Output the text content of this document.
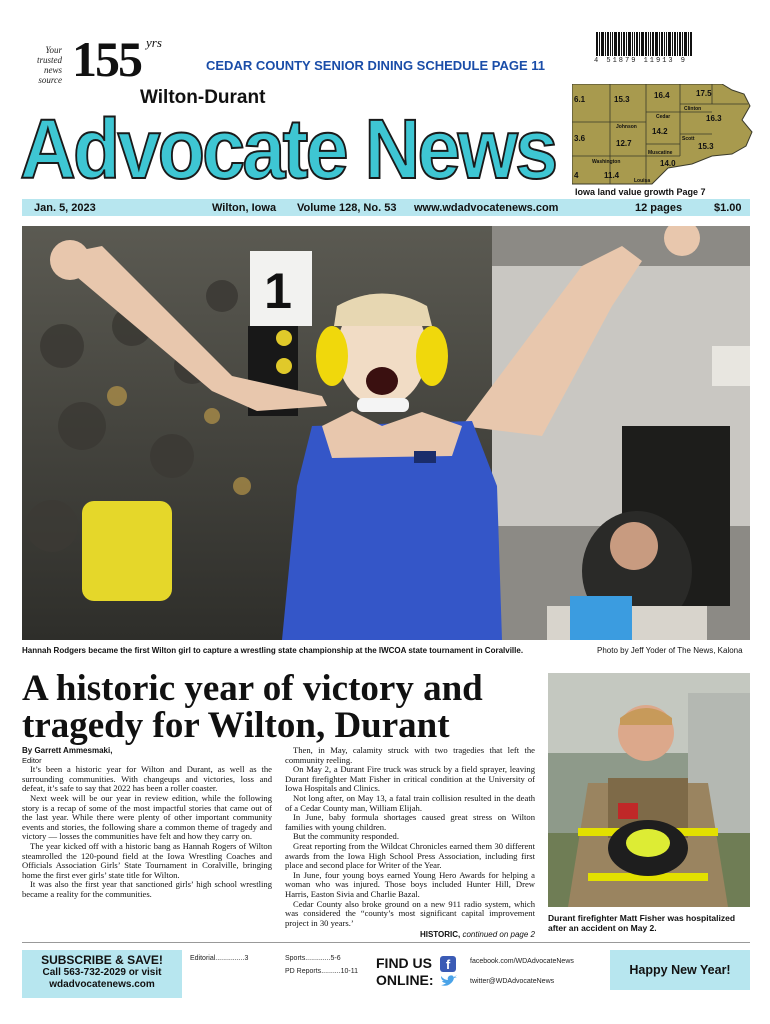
Your trusted news source 155 yrs
CEDAR COUNTY SENIOR DINING SCHEDULE PAGE 11	4 51879 11913 9
Wilton-Durant
Advocate News
6.1	15.3	16.4	17.5
Clinton
Cedar	16.3
Johnson 14.2
3.6
12.7	Scott
15.3
Muscatine
14.0
Washington
11.4
4
Louisa
Iowa land value growth Page 7
Jan. 5, 2023	Wilton, Iowa Volume 128, No. 53 www.wdadvocatenews.com	12 pages	$1.00
1
Hannah Rodgers became the first Wilton girl to capture a wrestling state championship at the IWCOA state tournament in Coralville.	Photo by Jeff Yoder of The News, Kalona
A historic year of victory and tragedy for Wilton, Durant
By Garrett Ammesmaki,
Editor

It’s been a historic year for Wilton and Durant, as well as the surrounding communities. With changeups and victories, loss and defeat, it’s safe to say that 2022 has been a roller coaster.

Next week will be our year in review edition, while the following story is a recap of some of the most impactful stories that came out of the last year. While there were plenty of other important community events and stories, the following share a common theme of tragedy and victory — losses the communities have felt and how they carry on.

The year kicked off with a historic bang as Hannah Rogers of Wilton steamrolled the 120-pound field at the Iowa Wrestling Coaches and Officials Association Girls’ State Tournament in Coralville, bringing home the first ever girls’ state title for Wilton.

It was also the first year that sanctioned girls’ high school wrestling became a reality for the communities.

Then, in May, calamity struck with two tragedies that left the community reeling.

On May 2, a Durant Fire truck was struck by a field sprayer, leaving Durant firefighter Matt Fisher in critical condition at the University of Iowa Hospitals and Clinics.

Not long after, on May 13, a fatal train collision resulted in the death of a Cedar County man, William Elijah.

In June, baby formula shortages caused great stress on Wilton families with young children.

But the community responded.

Great reporting from the Wildcat Chronicles earned them 30 different awards from the Iowa High School Press Association, including first place and second place for Writer of the Year.

In June, four young boys earned Young Hero Awards for helping a woman who was injured. Those boys included Hunter Hill, Drew Harris, Easton Sivia and Charlie Bazal.

Cedar County also broke ground on a new 911 radio system, which was considered the “county’s most significant capital improvement project in 30 years.’

HISTORIC, continued on page 2
Durant firefighter Matt Fisher was hospitalized after an accident on May 2.
SUBSCRIBE & SAVE!
Call 563-732-2029 or visit
wdadvocatenews.com
Editorial...............3	Sports.............5-6
PD Reports..........10-11
FIND US
ONLINE:
f	facebook.com/WDAdvocateNews
twitter@WDAdvocateNews
Happy New Year!
